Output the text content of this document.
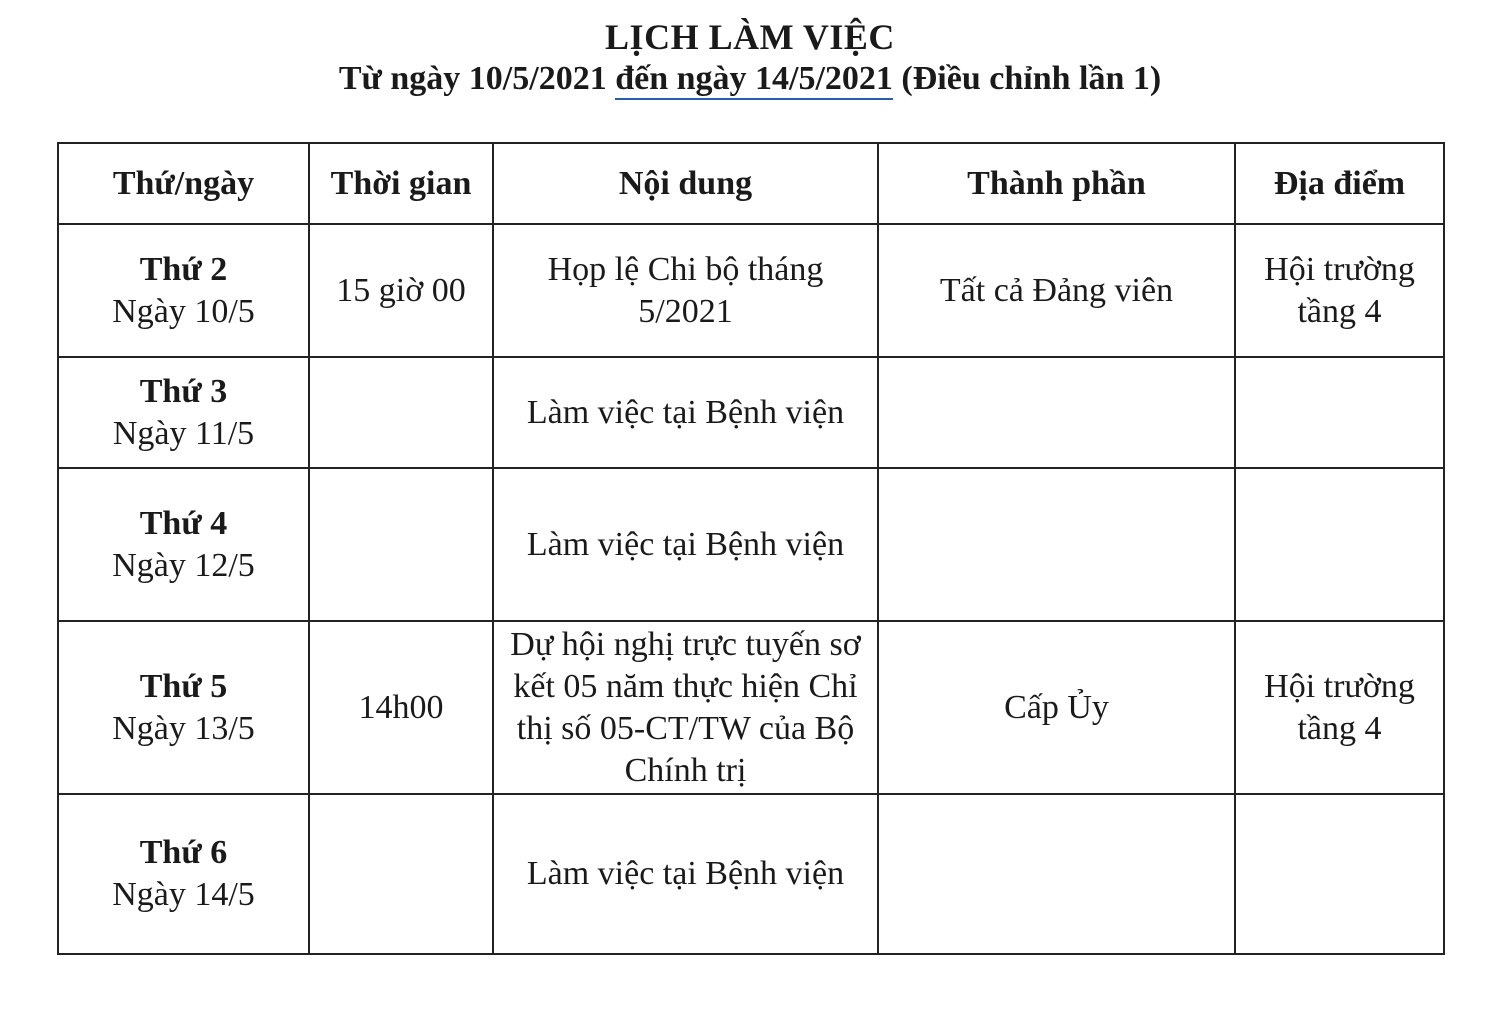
LỊCH LÀM VIỆC
Từ ngày 10/5/2021 đến ngày 14/5/2021 (Điều chỉnh lần 1)
Thứ/ngày	Thời gian	Nội dung	Thành phần	Địa điểm

Thứ 2
Ngày 10/5	15 giờ 00	Họp lệ Chi bộ tháng 5/2021	Tất cả Đảng viên	Hội trường tầng 4

Thứ 3
Ngày 11/5		Làm việc tại Bệnh viện		

Thứ 4
Ngày 12/5		Làm việc tại Bệnh viện		

Thứ 5
Ngày 13/5	14h00	Dự hội nghị trực tuyến sơ kết 05 năm thực hiện Chỉ thị số 05-CT/TW của Bộ Chính trị	Cấp Ủy	Hội trường tầng 4

Thứ 6
Ngày 14/5		Làm việc tại Bệnh viện		
